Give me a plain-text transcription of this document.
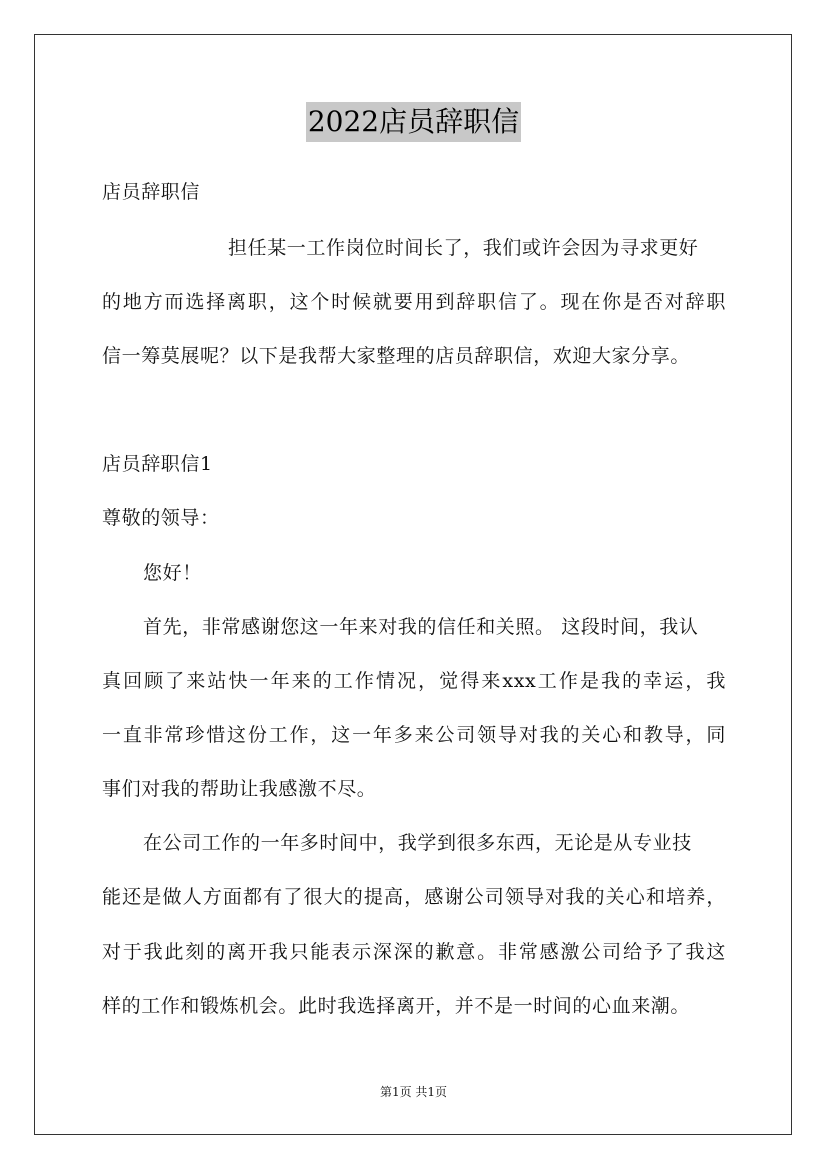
2022店员辞职信
店员辞职信
担任某一工作岗位时间长了，我们或许会因为寻求更好
的地方而选择离职，这个时候就要用到辞职信了。现在你是否对辞职
信一筹莫展呢？以下是我帮大家整理的店员辞职信，欢迎大家分享。
店员辞职信1
尊敬的领导：
您好！
首先，非常感谢您这一年来对我的信任和关照。 这段时间，我认
真回顾了来站快一年来的工作情况，觉得来xxx工作是我的幸运，我
一直非常珍惜这份工作，这一年多来公司领导对我的关心和教导，同
事们对我的帮助让我感激不尽。
在公司工作的一年多时间中，我学到很多东西，无论是从专业技
能还是做人方面都有了很大的提高，感谢公司领导对我的关心和培养，
对于我此刻的离开我只能表示深深的歉意。非常感激公司给予了我这
样的工作和锻炼机会。此时我选择离开，并不是一时间的心血来潮。
第1页 共1页
